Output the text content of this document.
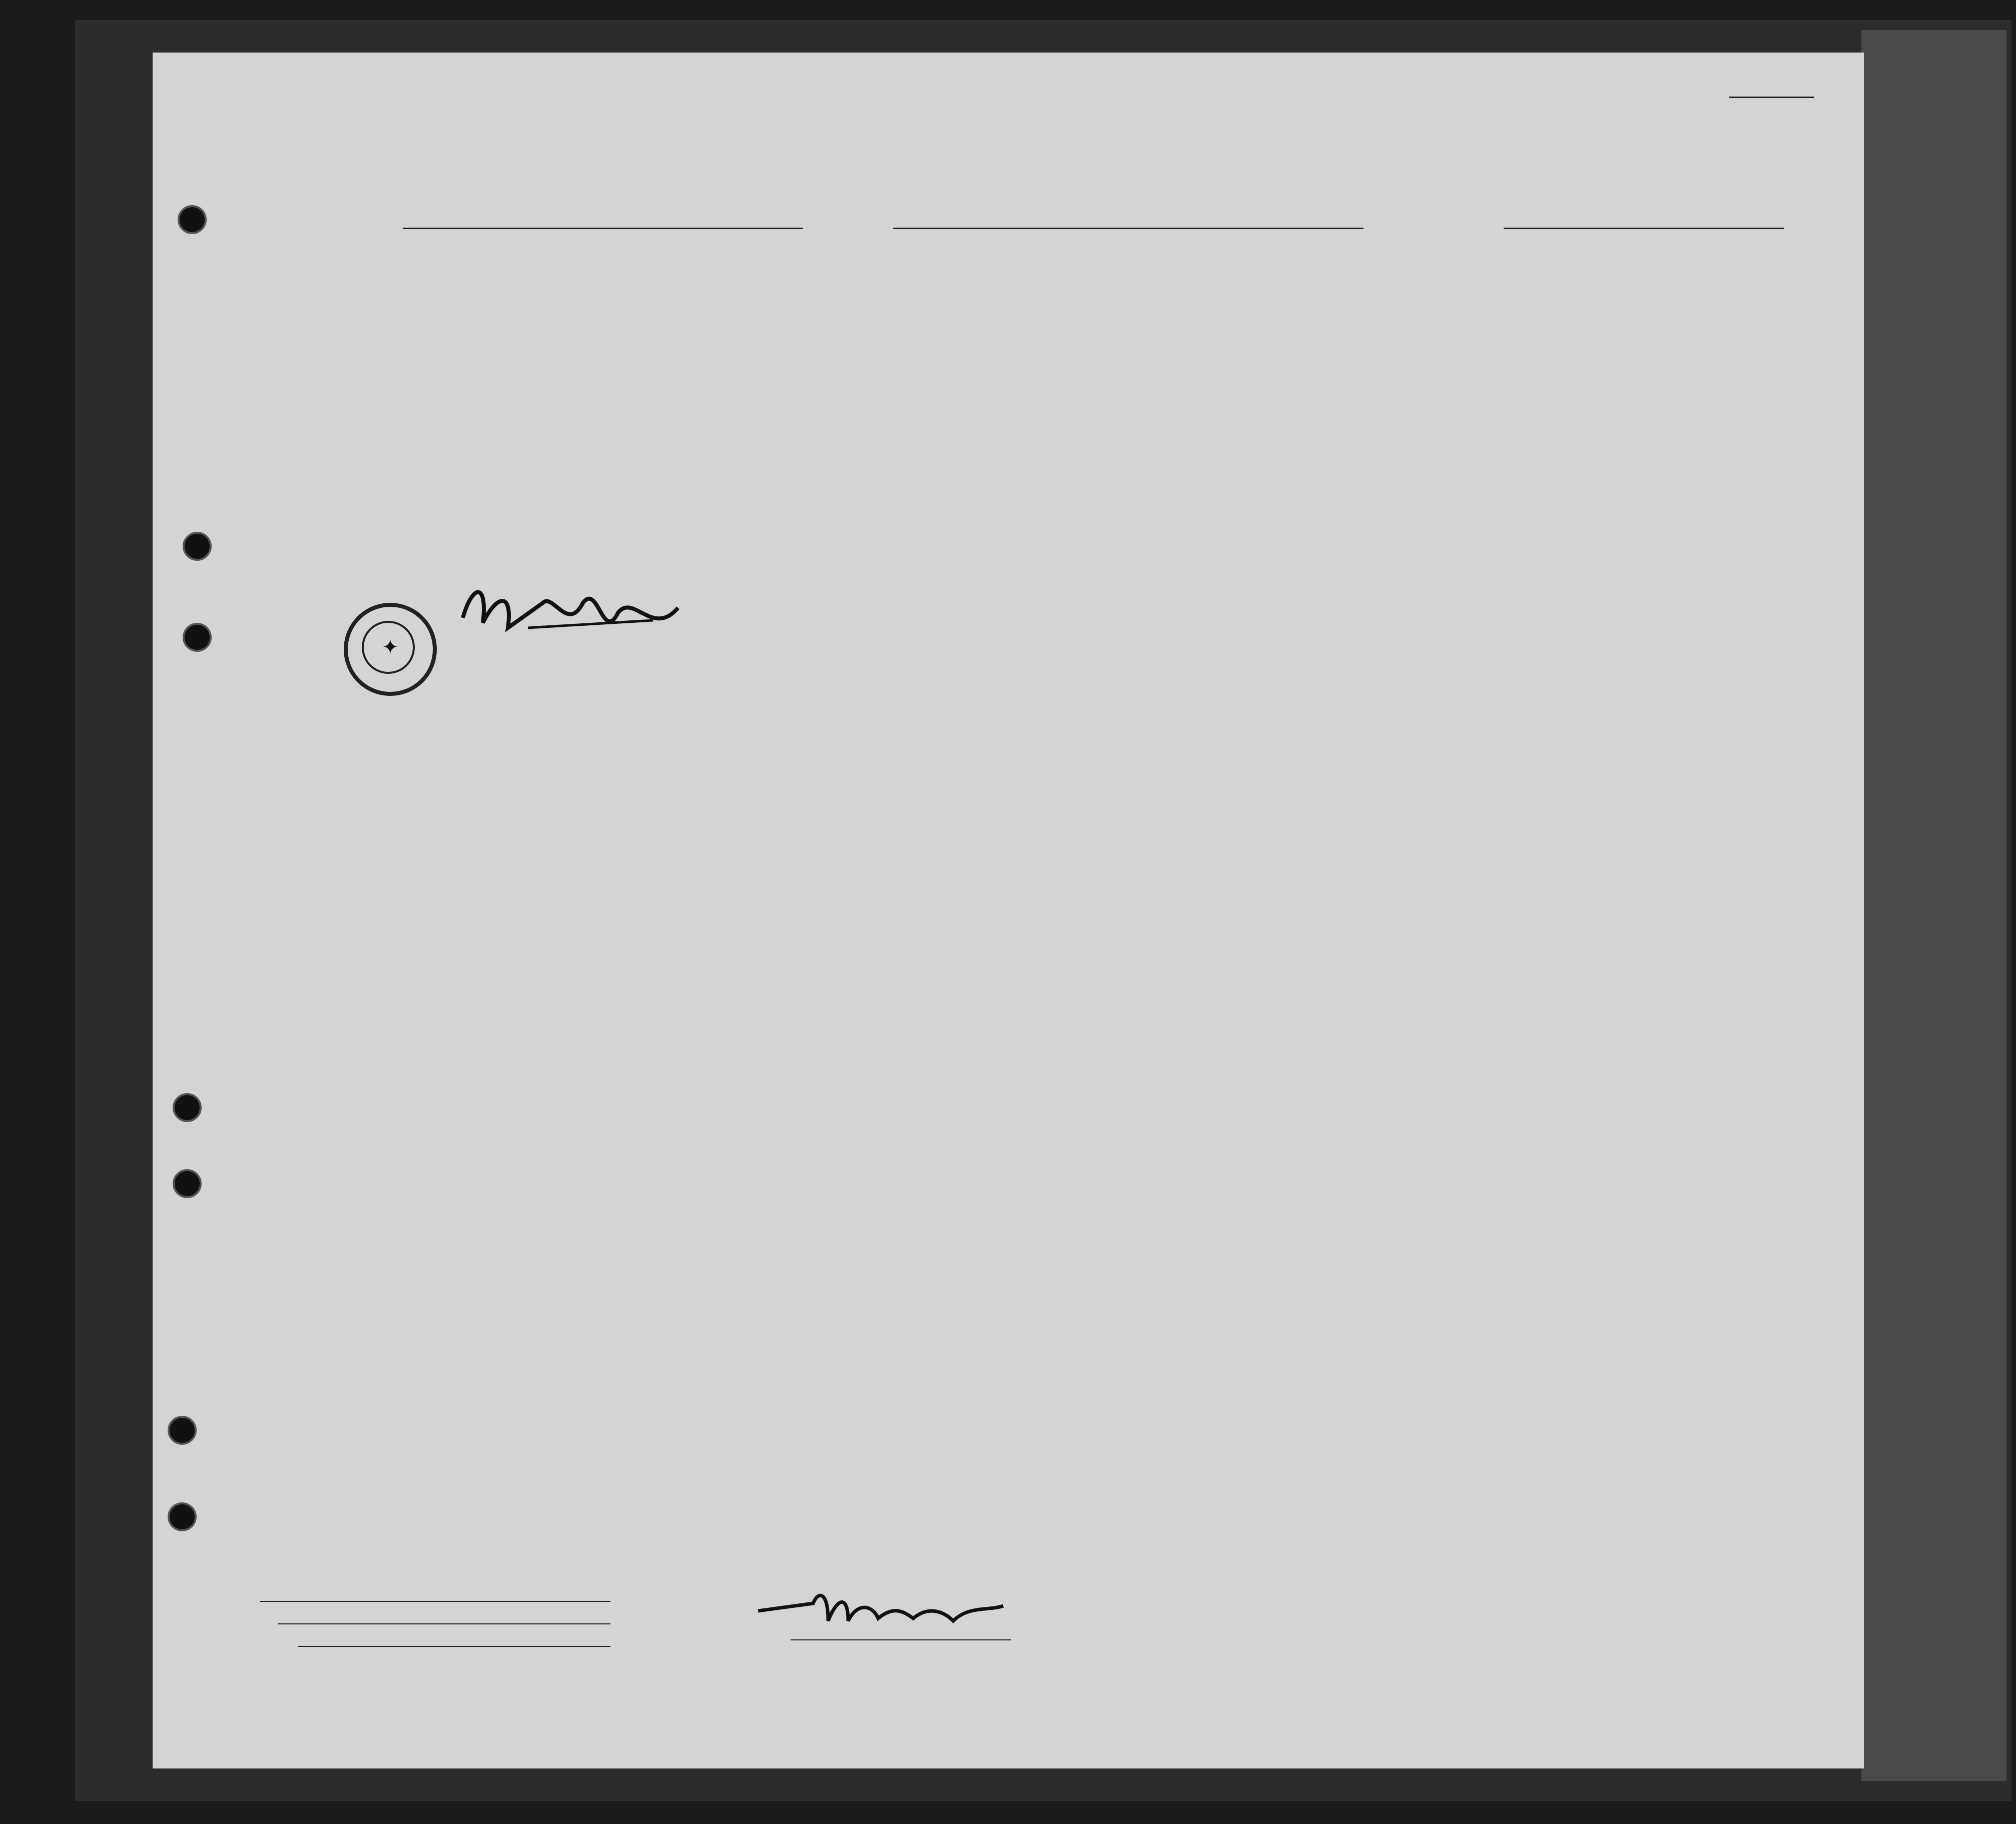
✦
